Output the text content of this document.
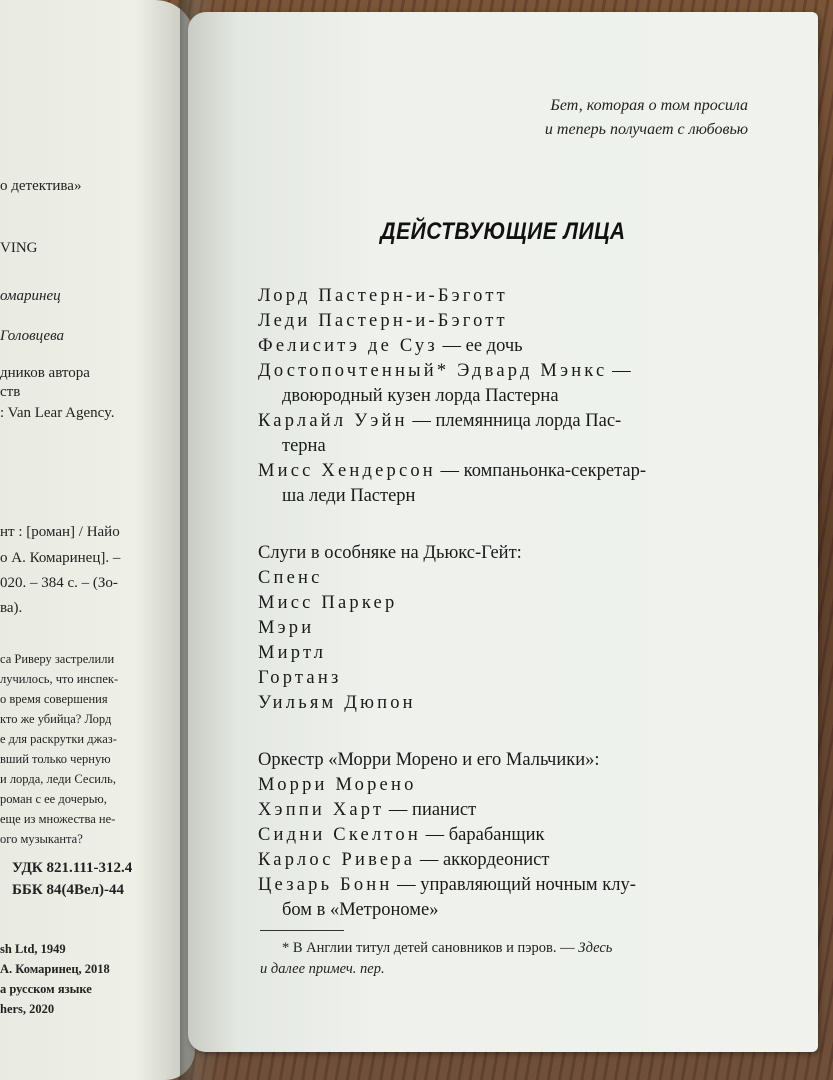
о детектива»
VING
омаринец
Головцева
дников автора
ств
: Van Lear Agency.
нт : [роман] / Найо
о А. Комаринец]. –
020. – 384 с. – (Зо-
ва).
са Риверу застрелили
лучилось, что инспек-
о время совершения
кто же убийца? Лорд
е для раскрутки джаз-
вший только черную
и лорда, леди Сесиль,
роман с ее дочерью,
еще из множества не-
ого музыканта?
УДК 821.111-312.4
ББК 84(4Вел)-44
sh Ltd, 1949
А. Комаринец, 2018
а русском языке
hers, 2020
Бет, которая о том просила
и теперь получает с любовью
ДЕЙСТВУЮЩИЕ ЛИЦА
Лорд Пастерн-и-Бэготт
Леди Пастерн-и-Бэготт
Фелиситэ де Суз — ее дочь
Достопочтенный* Эдвард Мэнкс —
двоюродный кузен лорда Пастерна
Карлайл Уэйн — племянница лорда Пас-
терна
Мисс Хендерсон — компаньонка-секретар-
ша леди Пастерн
Слуги в особняке на Дьюкс-Гейт:
Спенс
Мисс Паркер
Мэри
Миртл
Гортанз
Уильям Дюпон
Оркестр «Морри Морено и его Мальчики»:
Морри Морено
Хэппи Харт — пианист
Сидни Скелтон — барабанщик
Карлос Ривера — аккордеонист
Цезарь Бонн — управляющий ночным клу-
бом в «Метрономе»
* В Англии титул детей сановников и пэров. — Здесь
и далее примеч. пер.
